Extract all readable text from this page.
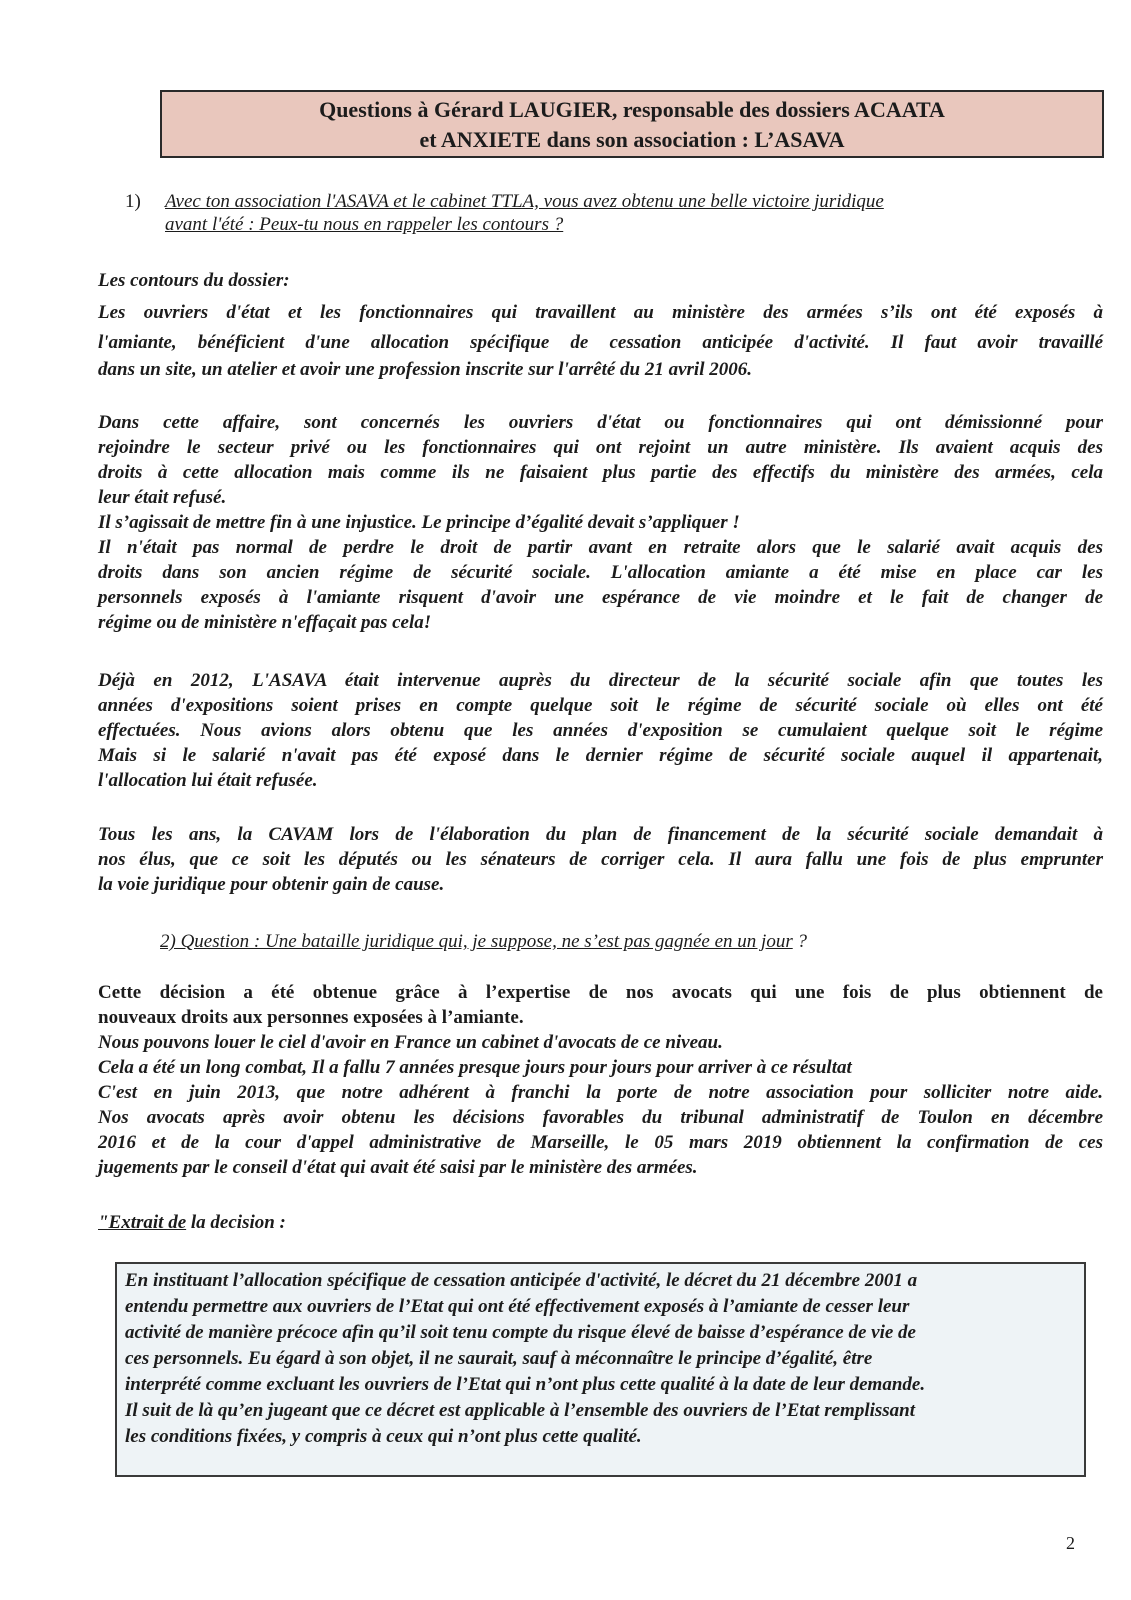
Questions à Gérard LAUGIER, responsable des dossiers ACAATA
et ANXIETE dans son association : L’ASAVA
1) Avec ton association l'ASAVA et le cabinet TTLA, vous avez obtenu une belle victoire juridique
avant l'été : Peux-tu nous en rappeler les contours ?
Les contours du dossier:
Les ouvriers d'état et les fonctionnaires qui travaillent au ministère des armées s’ils ont été exposés à
l'amiante, bénéficient d'une allocation spécifique de cessation anticipée d'activité. Il faut avoir travaillé
dans un site, un atelier et avoir une profession inscrite sur l'arrêté du 21 avril 2006.
Dans cette affaire, sont concernés les ouvriers d'état ou fonctionnaires qui ont démissionné pour
rejoindre le secteur privé ou les fonctionnaires qui ont rejoint un autre ministère. Ils avaient acquis des
droits à cette allocation mais comme ils ne faisaient plus partie des effectifs du ministère des armées, cela
leur était refusé.
Il s’agissait de mettre fin à une injustice. Le principe d’égalité devait s’appliquer !
Il n'était pas normal de perdre le droit de partir avant en retraite alors que le salarié avait acquis des
droits dans son ancien régime de sécurité sociale. L'allocation amiante a été mise en place car les
personnels exposés à l'amiante risquent d'avoir une espérance de vie moindre et le fait de changer de
régime ou de ministère n'effaçait pas cela!
Déjà en 2012, L'ASAVA était intervenue auprès du directeur de la sécurité sociale afin que toutes les
années d'expositions soient prises en compte quelque soit le régime de sécurité sociale où elles ont été
effectuées. Nous avions alors obtenu que les années d'exposition se cumulaient quelque soit le régime
Mais si le salarié n'avait pas été exposé dans le dernier régime de sécurité sociale auquel il appartenait,
l'allocation lui était refusée.
Tous les ans, la CAVAM lors de l'élaboration du plan de financement de la sécurité sociale demandait à
nos élus, que ce soit les députés ou les sénateurs de corriger cela. Il aura fallu une fois de plus emprunter
la voie juridique pour obtenir gain de cause.
2) Question : Une bataille juridique qui, je suppose, ne s’est pas gagnée en un jour ?
Cette décision a été obtenue grâce à l’expertise de nos avocats qui une fois de plus obtiennent de
nouveaux droits aux personnes exposées à l’amiante.
Nous pouvons louer le ciel d'avoir en France un cabinet d'avocats de ce niveau.
Cela a été un long combat, Il a fallu 7 années presque jours pour jours pour arriver à ce résultat
C'est en juin 2013, que notre adhérent à franchi la porte de notre association pour solliciter notre aide.
Nos avocats après avoir obtenu les décisions favorables du tribunal administratif de Toulon en décembre
2016 et de la cour d'appel administrative de Marseille, le 05 mars 2019 obtiennent la confirmation de ces
jugements par le conseil d'état qui avait été saisi par le ministère des armées.
"Extrait de la decision :
En instituant l’allocation spécifique de cessation anticipée d'activité, le décret du 21 décembre 2001 a
entendu permettre aux ouvriers de l’Etat qui ont été effectivement exposés à l’amiante de cesser leur
activité de manière précoce afin qu’il soit tenu compte du risque élevé de baisse d’espérance de vie de
ces personnels. Eu égard à son objet, il ne saurait, sauf à méconnaître le principe d’égalité, être
interprété comme excluant les ouvriers de l’Etat qui n’ont plus cette qualité à la date de leur demande.
Il suit de là qu’en jugeant que ce décret est applicable à l’ensemble des ouvriers de l’Etat remplissant
les conditions fixées, y compris à ceux qui n’ont plus cette qualité.
2
